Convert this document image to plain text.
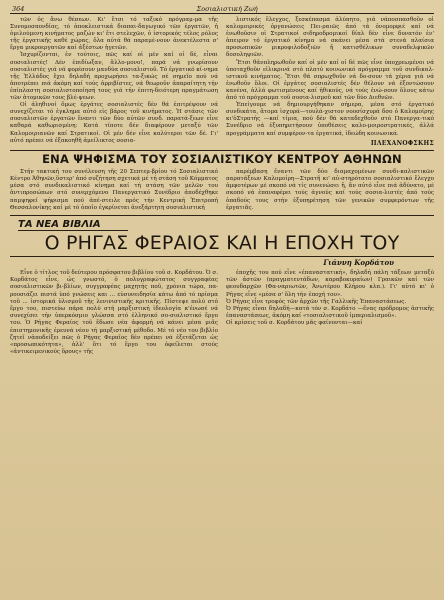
364	Σοσιαλιστική Ζωή

τῶν ὁς ἄνω θέσεων. Κι' ἔτσι τό ταξικό πρόγραμ-μα τῆς Συνομοσπονδίας, τό ἀποκλειστικά διαπαι-δαγωγικό τῶν ἐργατῶν, ἡ ὁμιλούμενη κινήματος μαζών κι' ἔτι στελεχῶν, ὁ ἱστορικός τέλος ρόλος τῆς ἐργατικῆς καθέ χώρας, ὅλα αὐτά θά παραμέ-νουν ἀνεκτέλεστα σ' ἔργα μικροεργατῶν καί ἀξέστων ἡγετῶν.

Ἰσχυρίζονται, ἐν τούτοις, πῶς καί οἱ μέν καί οἱ δέ, εἶναι σοσιαλιστές! Δέν ἐπιδίωξαν, ἄλλο-μονο!, παρά νά γνωρίσουν σοσιαλιστές γιά νά φορέσουν μανδύα σοσιαλιστοῦ. Τό ἐργατικό κί-νημα τῆς Ἑλλάδος ἔχει δηλαδή προχωρήσει τα-ξικώς σέ σημεῖο πού νά ἀποτρέπει πιά ἀκόμη καί τούς ἀρριβίστες, νά θεωροῦν ἀπαραίτητη τήν ἐπίπλαστη σοσιαλιστοποίησή τους γιά τήν ἐπιτη-δειότερη πραγμάτωση τῶν ἀτομικῶν τους βλέ-ψεων.

Οἱ ἀληθινοί ὅμως ἐργάτες σοσιαλιστές δέν θά ἐπιτρέψουν νά συνεχίζεται τό ἐγκλημα αὐτό εἰς βάρος τοῦ κινήματος. Ἡ στάσις τῶν σοσιαλιστῶν ἐργατῶν ἔναντι τῶν δύο αὐτῶν συνδ. παρατά-ξεων εἶνε καθαρά καθωρισμένη: Κατά τίποτε δέν διαφέρουν μεταξύ τῶν Καλομοιριανῶν καί Στρατικοί. Οἱ μέν δέν εἶνε καλύτεροι τῶν δέ. Γι' αὐτό πρέπει νά ἐξακοηθῆ ἀμείλικτος σοσια-

λιστικός ἔλεγχος, ξεσκέπασμα ἀλύπητο, γιά νάποσπασθοῦν οἱ καλομοιρικές ὀργανώσεις Πει-ραιῶς ἀπό τά ὀνομορφιέ καί νά ἐνωθοῦσιν οἱ Στρατικοί σιδηροδρομικοί δίπλ δέν εἶνε δυνατόν ἐν' ἀπειρον τό ἐργατικό κίνημα νά σκάνει μέσα στά στενά πλαίσια προσωπικῶν μικροφιλοδοξιῶν ἤ κατισθέλικων συναδελφικῶν δοσοληψιῶν.

Ἔτσι θἀνπληρωθοῦν καί οἱ μέν καί οἱ δέ πῶς εἶνε ὑποχρεωμένοι νά ὑποταχθοῦν εἰλικρινά στό πλατύ κοινωνικό πρόγραμμα τοῦ συνδικαλ-ιστικοῦ κινήματος. Ἔτσι θά σπρωχθοῦν νά δο-σουν τά χέρια γιά νά ἐνωθοῦν ὅλοι. Οἱ ἐργάτες σοσιαλιστές δέν θέλουν νά ἐξοντώσουν κανένα, ἀλλά φωτισμένους καί ἠθικούς, νά τούς ἐνώ-σουν ὅλους κάτω ἀπό τό πρόγραμμα τοῦ σοσια-λισμοῦ καί τῶν δύο Διεθνῶν.

Ἐπείγουμε νά δημιουργήθηκαν σήμερα, μέσα στό ἐργατικό συνδικάτα, ἄτομα ἰσχυρά—τουλά-χιστον νοοσίσχυρά δσο ὁ Καλομοίρης κι'ὁΣτρατής —καί τίμια, πού δέν θά καταδεχθοῦν στό Πανεργα-τικό Συνέδριο νά ἐξυπηρετήσουν ὑποθέσεις καλο-μοιροστρατικές, ἀλλά προγράμματα καί συμφέρον-τα ἐργατικά, ἰδεώδη κοινωνικά.

ΠΛΕΧΑΝΟΦΣΚΗΣ
ΕΝΑ ΨΗΦΙΣΜΑ ΤΟΥ ΣΟΣΙΑΛΙΣΤΙΚΟΥ ΚΕΝΤΡΟΥ ΑΘΗΝΩΝ

Στήν τακτική του συνέλευση τῆς 20 Σεπτεμ-βρίου τό Σοσιαλιστικό Κέντρο Ἀθηνῶν,ὕστερ' ἀπό συζήτηση σχετικά μέ τή στάση τοῦ Κόμματος μέσα στό συνδικαλιστικό κίνημα καί τή στάση τῶν μελῶν του ἀντιπροσώπων στό συνερχόμενο Πανεργατικό Συνέδριο ἀποδέχθηκε παμψηφεί ψήφισμα πού ἀπέ-στειλε πρός τήν Κεντρική Ἐπιτροπή Θεσσαλονίκης καί μέ τό ὁποῖο ἐγκρίνεται ἀνεξάρτητη σοσιαλιστική

παρέμβαση ἔναντι τῶν δύο διαμαχομένων συνδι-καλιστικῶν παρατάξεων Καλομοίρη—Στρατῆ κι' αὐ-στηρότατο σοσιαλιστικό ἔλεγχο ἀμφοτέρων μέ σκοπό νά τίς συνενώσει ἤ, ἄν αὐτό εἶνε πιά ἀδύνατο, μέ σκοπό νά ἐπαναφέρει τούς ἀγνούς καί τούς σοσια-λιστές ἀπό τούς ὁπαδούς τους στήν ἐξυπηρέτηση τῶν γενικῶν συμφερόντων τῆς ἐργατιᾶς.

ΤΑ ΝΕΑ ΒΙΒΛΙΑ
Ο ΡΗΓΑΣ ΦΕΡΑΙΟΣ ΚΑΙ Η ΕΠΟΧΗ ΤΟΥ
Γιάννη Κορδάτου

Εἶνε ὁ τίτλος τοῦ δεύτερου πρόσφατου βιβλίου τοῦ σ. Κορδάτου. Ὁ σ. Κορδάτος εἶνε, ὡς γνωστό, ὁ πολυγραφώτατος συγγραφέας σοσιαλιστικῶν βι-βλίων, συγγραφέας μαχητής ποῦ, χρόνια τώρα, πα-ρουσιάζει πιστά ὑπό γνώσεις και ... εὐσυνειδησία κάτω ἀπό τό πρίσμα τοῦ ... ἱστορικά ὑλισμοῦ τῆς λενινιστικῆς κριτικῆς. Πίστεψε πολύ στό ἔργο του, πιστεύω πάρα πολύ στή μαρξιστική ἰδεολογία κ'ἐνωσέ νά συνεχίσει τήν ὑπερκόσμιο γλώσσα στό ἐλληνικό σο-σιαλιστικό ἔργο του. Ὁ Ρήγας Φεραίος τοῦ ἔδωσε νέα ἀφορμή νά κάνει μέσα μιᾶς ἐπιστημονικῆς ἐρευνά νέου τή μαρξιστική μέθοδο. Μέ τό νέο του βιβλίο ζητεῖ νἀποδείξει πῶς ὁ Ρήγας Φεραῖος δέν πρέπει νά ἐξετάζεται ὡς «προσωπικότητα», ἀλλ' ὅτι τό ἔργο του ὀφείλεται στούς «ἀντικειμενικούς ὅρους» τῆς

ἐποχῆς του πού εἶνε «ἐπαναστατική», δηλαδή πάλη τάξεων μεταξύ τῶν ἀστῶν (πραγματευτάδων, καραβοκυραίων) Γραικῶν καί τῶν φεουδαρχῶν (Φα-ναριωτῶν, Ἀνωτέρου Κλήρου κλπ.). Γι' αὐτό κι' ὁ Ρήγας εἶνε «μέσα σ' ὅλη τήν ἐποχή του».
Ὁ Ρήγας εἶνε τροφός τῶν ἀρχῶν τῆς Γαλλικῆς Ἐπαναστάσεως.
Ὁ Ρήγας εἶναι δηλαδή—κατά τόν σ. Κορδάτο —ἕνας πρόδρομος ἀστικῆς ἐπαναστάσεως, ἀκόμη καί «τοσιαλιστικοῦ ἰμπεριαλισμοῦ».
Οἱ κρίσεις τοῦ σ. Κορδάτου μᾶς φαίνονται—καί
